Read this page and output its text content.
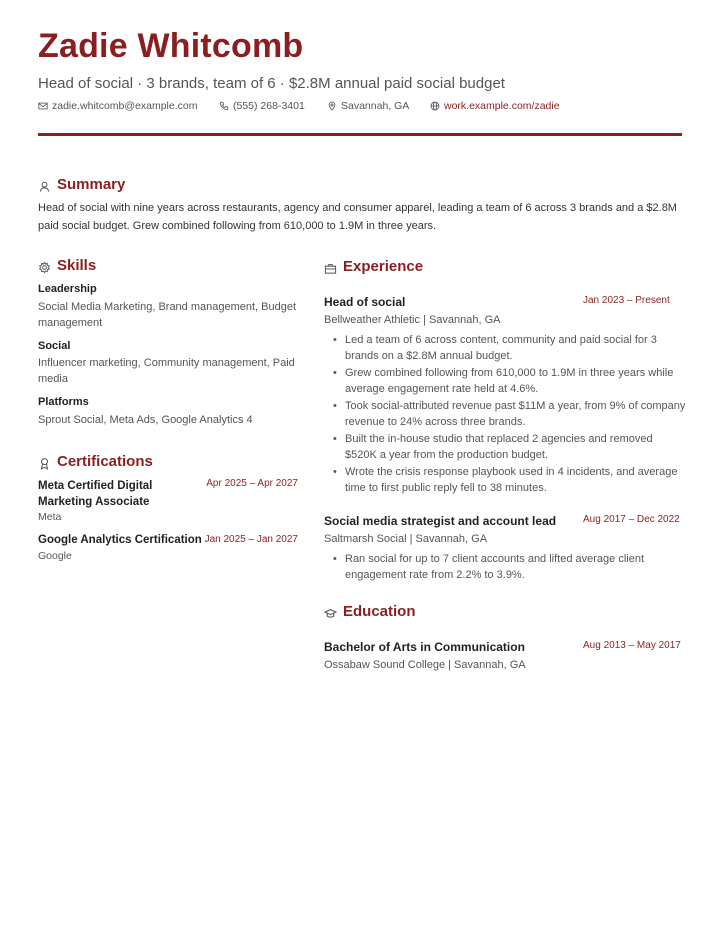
Zadie Whitcomb
Head of social · 3 brands, team of 6 · $2.8M annual paid social budget
zadie.whitcomb@example.com	(555) 268-3401	Savannah, GA	work.example.com/zadie
Summary
Head of social with nine years across restaurants, agency and consumer apparel, leading a team of 6 across 3 brands and a $2.8M paid social budget. Grew combined following from 610,000 to 1.9M in three years.
Skills
Leadership
Social Media Marketing, Brand management, Budget management
Social
Influencer marketing, Community management, Paid media
Platforms
Sprout Social, Meta Ads, Google Analytics 4
Certifications
Meta Certified Digital Marketing Associate
Apr 2025 – Apr 2027
Meta
Google Analytics Certification Jan 2025 – Jan 2027
Google
Experience
Head of social	Jan 2023 – Present
Bellweather Athletic | Savannah, GA
• Led a team of 6 across content, community and paid social for 3 brands on a $2.8M annual budget.
• Grew combined following from 610,000 to 1.9M in three years while average engagement rate held at 4.6%.
• Took social-attributed revenue past $11M a year, from 9% of company revenue to 24% across three brands.
• Built the in-house studio that replaced 2 agencies and removed $520K a year from the production budget.
• Wrote the crisis response playbook used in 4 incidents, and average time to first public reply fell to 38 minutes.
Social media strategist and account lead	Aug 2017 – Dec 2022
Saltmarsh Social | Savannah, GA
• Ran social for up to 7 client accounts and lifted average client engagement rate from 2.2% to 3.9%.
Education
Bachelor of Arts in Communication	Aug 2013 – May 2017
Ossabaw Sound College | Savannah, GA
